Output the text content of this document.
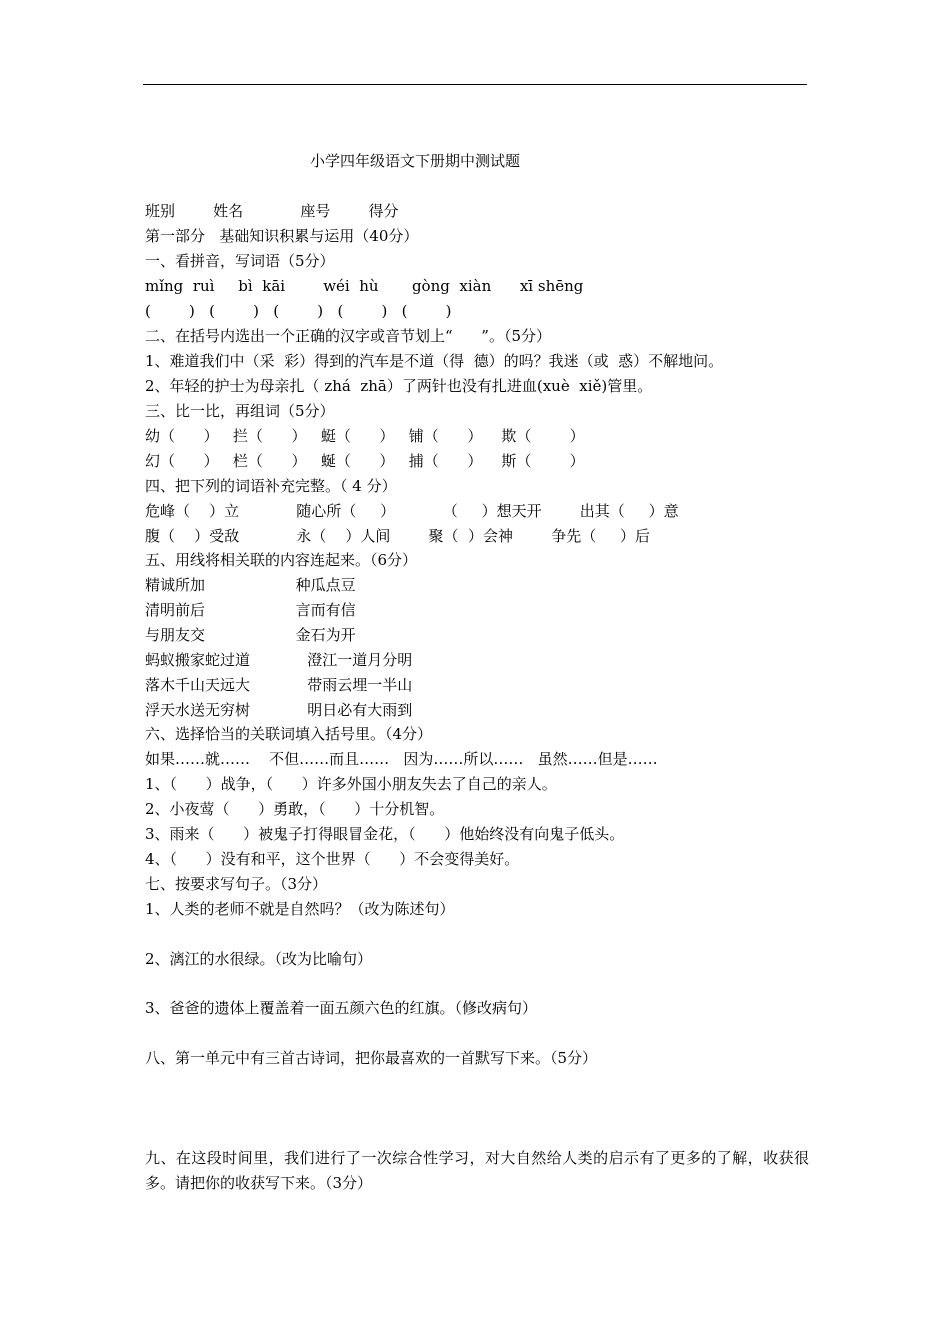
小学四年级语文下册期中测试题
班别        姓名            座号        得分
第一部分   基础知识积累与运用（40分）
一、看拼音，写词语（5分）
mǐng  ruì     bì  kāi        wéi  hù       gòng  xiàn      xī shēng
(        )   (        )   (        )   (        )   (        )
二、在括号内选出一个正确的汉字或音节划上“      ”。（5分）
1、难道我们中（采  彩）得到的汽车是不道（得  德）的吗？我迷（或  惑）不解地问。
2、年轻的护士为母亲扎（ zhá  zhā）了两针也没有扎进血(xuè  xiě)管里。
三、比一比，再组词（5分）
幼（      ）   拦（      ）   蜓（      ）   铺（      ）    欺（        ）
幻（      ）   栏（      ）   蜒（      ）   捕（      ）    斯（        ）
四、把下列的词语补充完整。（ 4 分）
危峰（    ）立            随心所（     ）          （     ）想天开        出其（     ）意
腹（    ）受敌            永（    ）人间        聚（  ）会神        争先（     ）后
五、用线将相关联的内容连起来。（6分）
精诚所加                   种瓜点豆
清明前后                   言而有信
与朋友交                   金石为开
蚂蚁搬家蛇过道            澄江一道月分明
落木千山天远大            带雨云埋一半山
浮天水送无穷树            明日必有大雨到
六、选择恰当的关联词填入括号里。（4分）
如果……就……    不但……而且……   因为……所以……   虽然……但是……
1、（      ）战争，（      ）许多外国小朋友失去了自己的亲人。
2、小夜莺（      ）勇敢，（      ）十分机智。
3、雨来（      ）被鬼子打得眼冒金花，（      ）他始终没有向鬼子低头。
4、（      ）没有和平，这个世界（      ）不会变得美好。
七、按要求写句子。（3分）
1、人类的老师不就是自然吗？（改为陈述句）
2、漓江的水很绿。（改为比喻句）
3、爸爸的遗体上覆盖着一面五颜六色的红旗。（修改病句）
八、第一单元中有三首古诗词，把你最喜欢的一首默写下来。（5分）
九、在这段时间里，我们进行了一次综合性学习，对大自然给人类的启示有了更多的了解，收获很多。请把你的收获写下来。（3分）
